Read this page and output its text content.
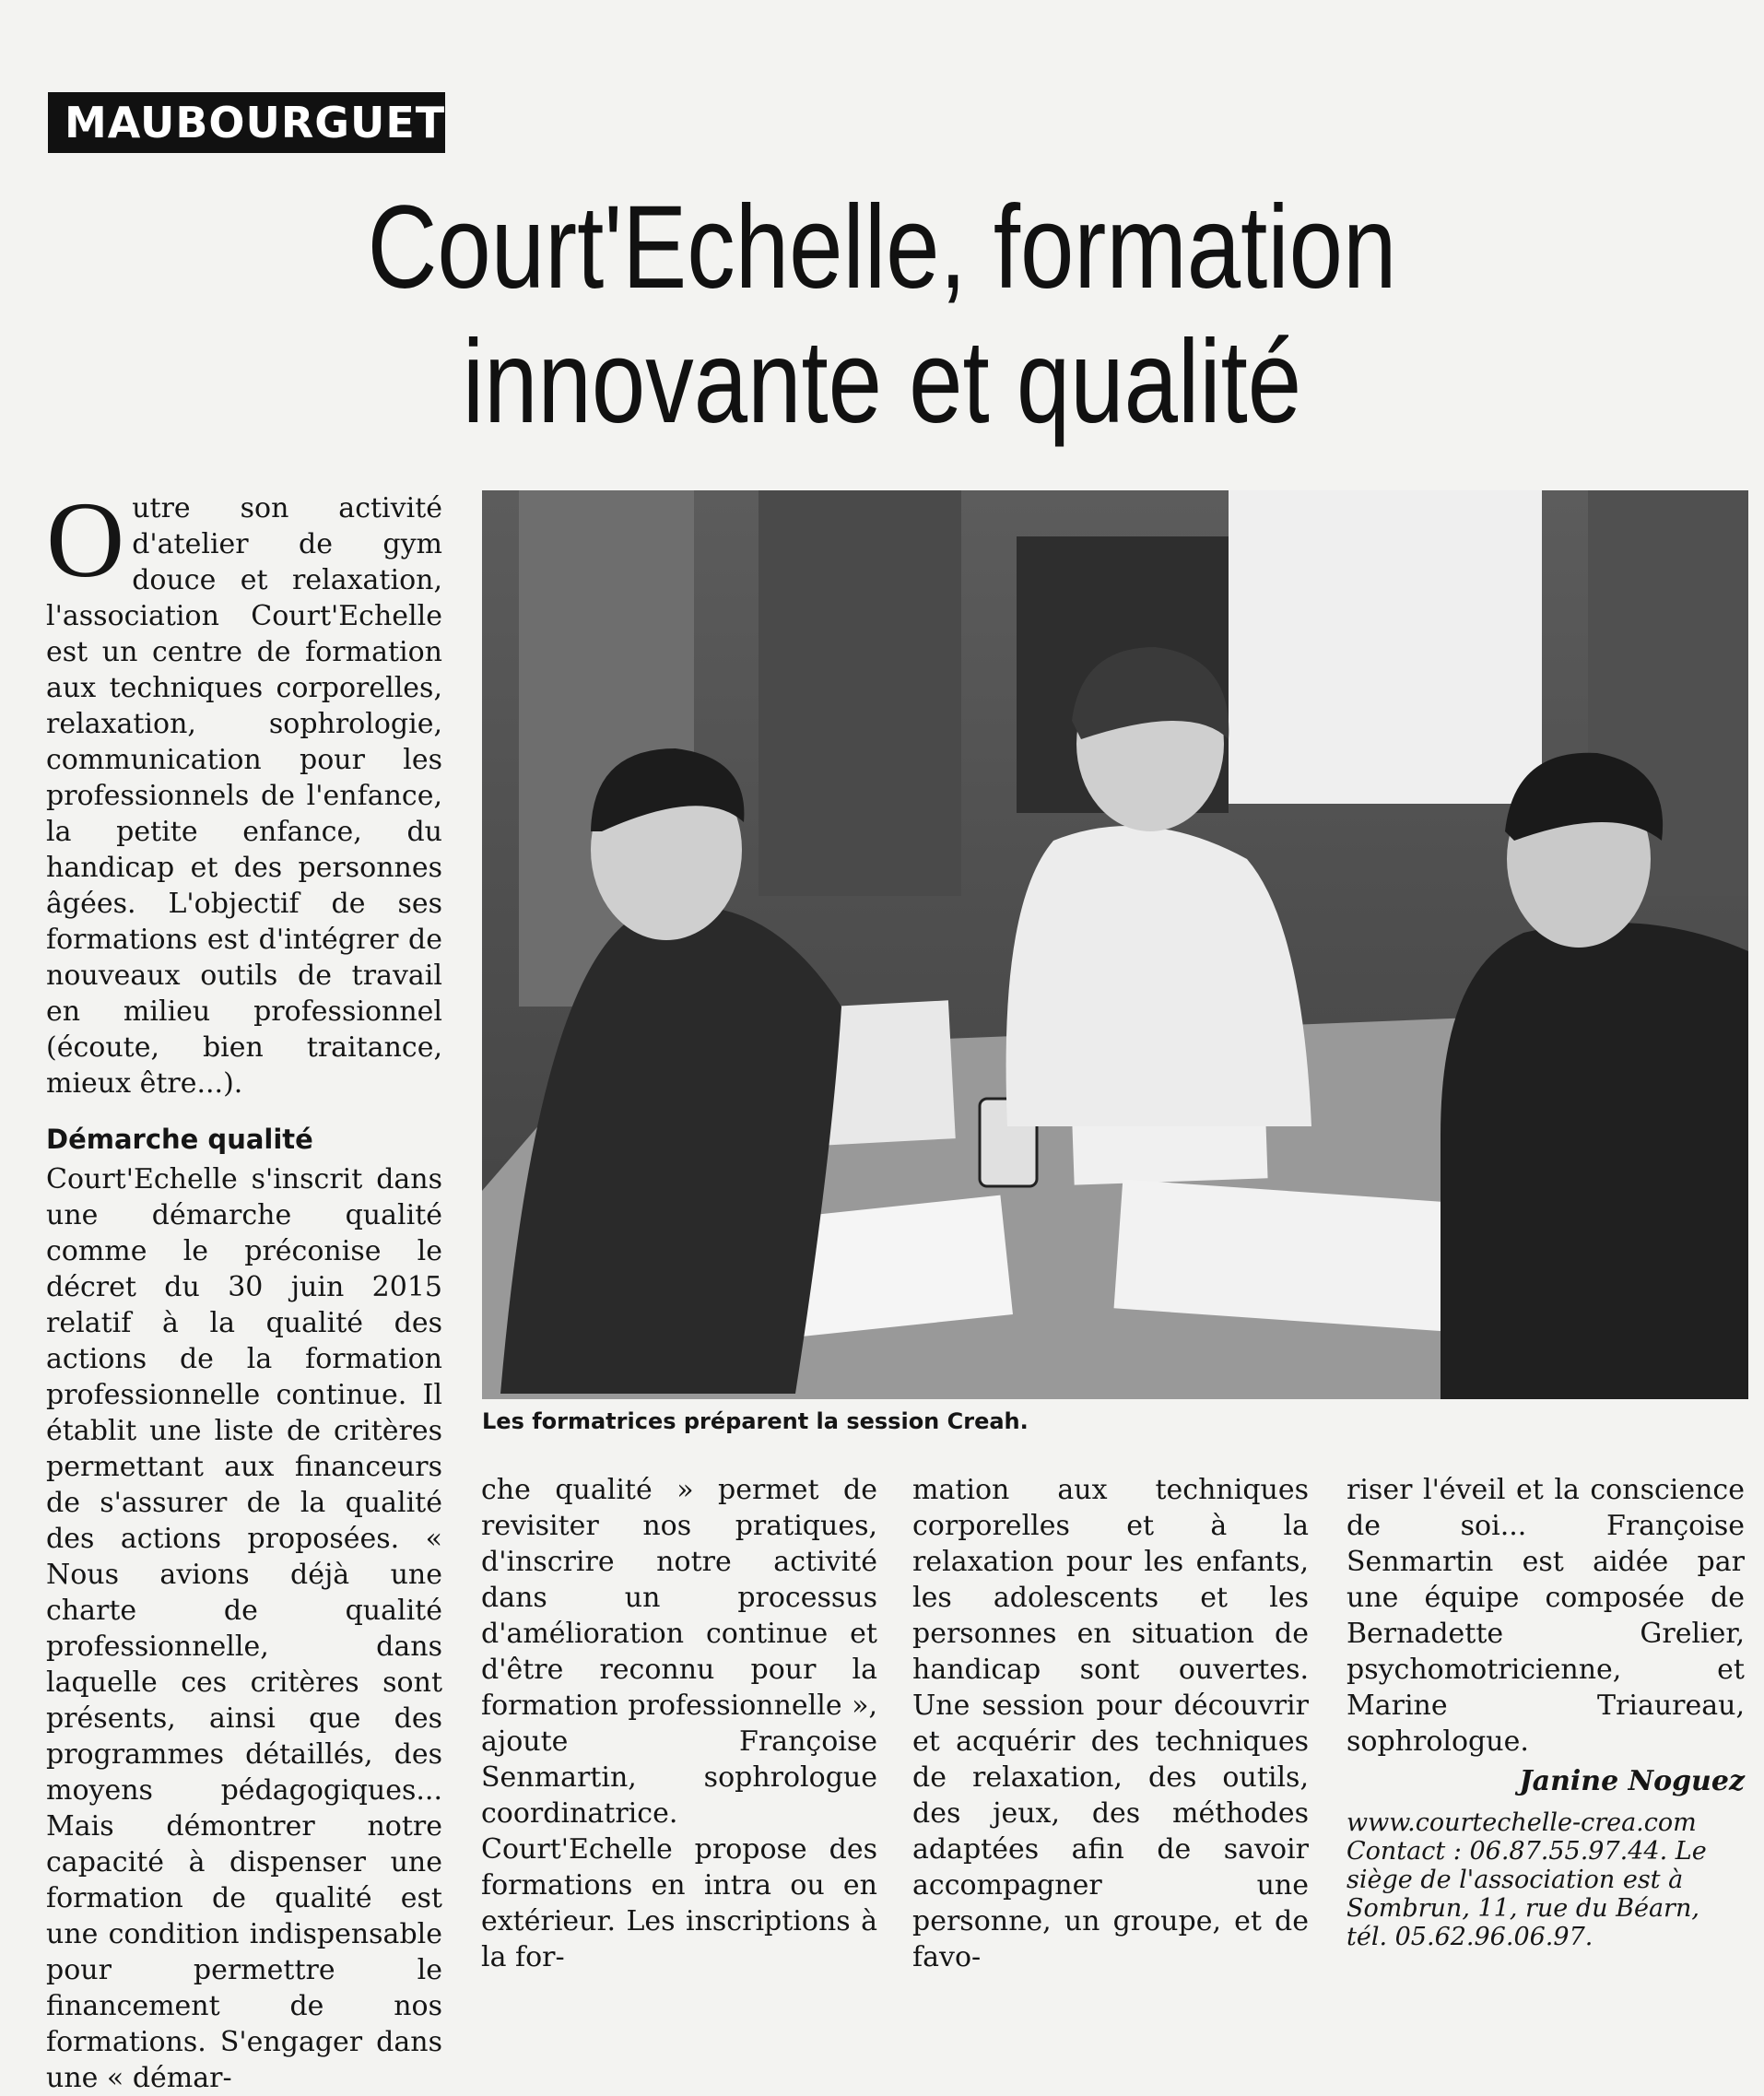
MAUBOURGUET
Court'Echelle, formation
innovante et qualité

Outre son activité d'atelier de gym douce et relaxation, l'association Court'Echelle est un centre de formation aux techniques corporelles, relaxation, sophrologie, communication pour les professionnels de l'enfance, la petite enfance, du handicap et des personnes âgées. L'objectif de ses formations est d'intégrer de nouveaux outils de travail en milieu professionnel (écoute, bien traitance, mieux être...).

Démarche qualité

Court'Echelle s'inscrit dans une démarche qualité comme le préconise le décret du 30 juin 2015 relatif à la qualité des actions de la formation professionnelle continue. Il établit une liste de critères permettant aux financeurs de s'assurer de la qualité des actions proposées. « Nous avions déjà une charte de qualité professionnelle, dans laquelle ces critères sont présents, ainsi que des programmes détaillés, des moyens pédagogiques... Mais démontrer notre capacité à dispenser une formation de qualité est une condition indispensable pour permettre le financement de nos formations. S'engager dans une « démar-

Les formatrices préparent la session Creah.

che qualité » permet de revisiter nos pratiques, d'inscrire notre activité dans un processus d'amélioration continue et d'être reconnu pour la formation professionnelle », ajoute Françoise Senmartin, sophrologue coordinatrice.

Court'Echelle propose des formations en intra ou en extérieur. Les inscriptions à la for-

mation aux techniques corporelles et à la relaxation pour les enfants, les adolescents et les personnes en situation de handicap sont ouvertes. Une session pour découvrir et acquérir des techniques de relaxation, des outils, des jeux, des méthodes adaptées afin de savoir accompagner une personne, un groupe, et de favo-

riser l'éveil et la conscience de soi... Françoise Senmartin est aidée par une équipe composée de Bernadette Grelier, psychomotricienne, et Marine Triaureau, sophrologue.

Janine Noguez
www.courtechelle-crea.com Contact : 06.87.55.97.44. Le siège de l'association est à Sombrun, 11, rue du Béarn, tél. 05.62.96.06.97.
